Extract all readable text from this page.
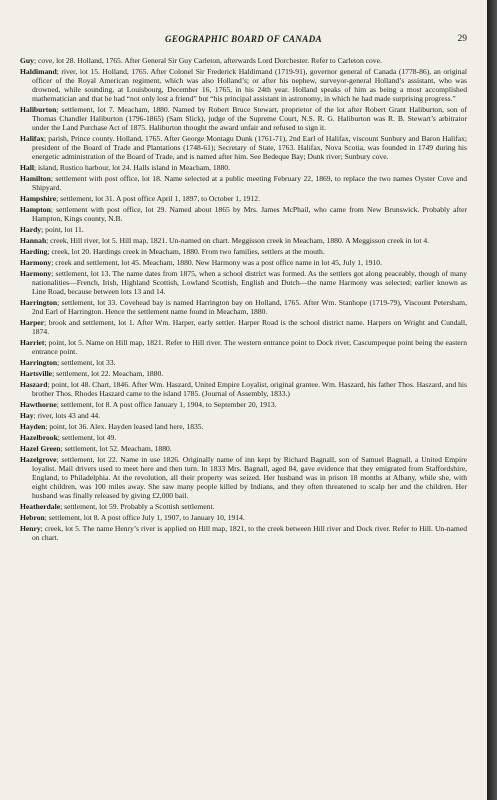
GEOGRAPHIC BOARD OF CANADA	29

Guy; cove, lot 28. Holland, 1765. After General Sir Guy Carleton, afterwards Lord Dorchester. Refer to Carleton cove.

Haldimand; river, lot 15. Holland, 1765. After Colonel Sir Frederick Haldimand (1719-91), governor general of Canada (1778-86), an original officer of the Royal American regiment, which was also Holland’s; or after his nephew, surveyor-general Holland’s assistant, who was drowned, while sounding, at Louisbourg, December 16, 1765, in his 24th year. Holland speaks of him as being a most accomplished mathematician and that he had “not only lost a friend” but “his principal assistant in astronomy, in which he had made surprising progress.”

Haliburton; settlement, lot 7. Meacham, 1880. Named by Robert Bruce Stewart, proprietor of the lot after Robert Grant Haliburton, son of Thomas Chandler Haliburton (1796-1865) (Sam Slick), judge of the Supreme Court, N.S. R. G. Haliburton was R. B. Stewart’s arbitrator under the Land Purchase Act of 1875. Haliburton thought the award unfair and refused to sign it.

Halifax; parish, Prince county. Holland, 1765. After George Montagu Dunk (1761-71), 2nd Earl of Halifax, viscount Sunbury and Baron Halifax; president of the Board of Trade and Plantations (1748-61); Secretary of State, 1763. Halifax, Nova Scotia, was founded in 1749 during his energetic administration of the Board of Trade, and is named after him. See Bedeque Bay; Dunk river; Sunbury cove.

Hall; island, Rustico harbour, lot 24. Halls island in Meacham, 1880.

Hamilton; settlement with post office, lot 18. Name selected at a public meeting February 22, 1869, to replace the two names Oyster Cove and Shipyard.

Hampshire; settlement, lot 31. A post office April 1, 1897, to October 1, 1912.

Hampton; settlement with post office, lot 29. Named about 1865 by Mrs. James McPhail, who came from New Brunswick. Probably after Hampton, Kings county, N.B.

Hardy; point, lot 11.

Hannah; creek, Hill river, lot 5. Hill map, 1821. Un-named on chart. Meggisson creek in Meacham, 1880. A Meggisson creek in lot 4.

Harding; creek, lot 20. Hardings creek in Meacham, 1880. From two families, settlers at the mouth.

Harmony; creek and settlement, lot 45. Meacham, 1880. New Harmony was a post office name in lot 45, July 1, 1910.

Harmony; settlement, lot 13. The name dates from 1875, when a school district was formed. As the settlers got along peaceably, though of many nationalities—French, Irish, Highland Scottish, Lowland Scottish, English and Dutch—the name Harmony was selected; earlier known as Line Road, because between lots 13 and 14.

Harrington; settlement, lot 33. Covehead bay is named Harrington bay on Holland, 1765. After Wm. Stanhope (1719-79), Viscount Petersham, 2nd Earl of Harrington. Hence the settlement name found in Meacham, 1880.

Harper; brook and settlement, lot 1. After Wm. Harper, early settler. Harper Road is the school district name. Harpers on Wright and Cundall, 1874.

Harriet; point, lot 5. Name on Hill map, 1821. Refer to Hill river. The western entrance point to Dock river, Cascumpeque point being the eastern entrance point.

Harrington; settlement, lot 33.

Hartsville; settlement, lot 22. Meacham, 1880.

Haszard; point, lot 48. Chart, 1846. After Wm. Haszard, United Empire Loyalist, original grantee. Wm. Haszard, his father Thos. Haszard, and his brother Thos. Rhodes Haszard came to the island 1785. (Journal of Assembly, 1833.)

Hawthorne; settlement, lot 8. A post office January 1, 1904, to September 20, 1913.

Hay; river, lots 43 and 44.

Hayden; point, lot 36. Alex. Hayden leased land here, 1835.

Hazelbrook; settlement, lot 49.

Hazel Green; settlement, lot 52. Meacham, 1880.

Hazelgrove; settlement, lot 22. Name in use 1826. Originally name of inn kept by Richard Bagnall, son of Samuel Bagnall, a United Empire loyalist. Mail drivers used to meet here and then turn. In 1833 Mrs. Bagnall, aged 84, gave evidence that they emigrated from Staffordshire, England, to Philadelphia. At the revolution, all their property was seized. Her husband was in prison 18 months at Albany, while she, with eight children, was 100 miles away. She saw many people killed by Indians, and they often threatened to scalp her and the children. Her husband was finally released by giving £2,000 bail.

Heatherdale; settlement, lot 59. Probably a Scottish settlement.

Hebron; settlement, lot 8. A post office July 1, 1907, to January 10, 1914.

Henry; creek, lot 5. The name Henry’s river is applied on Hill map, 1821, to the creek between Hill river and Dock river. Refer to Hill. Un-named on chart.
